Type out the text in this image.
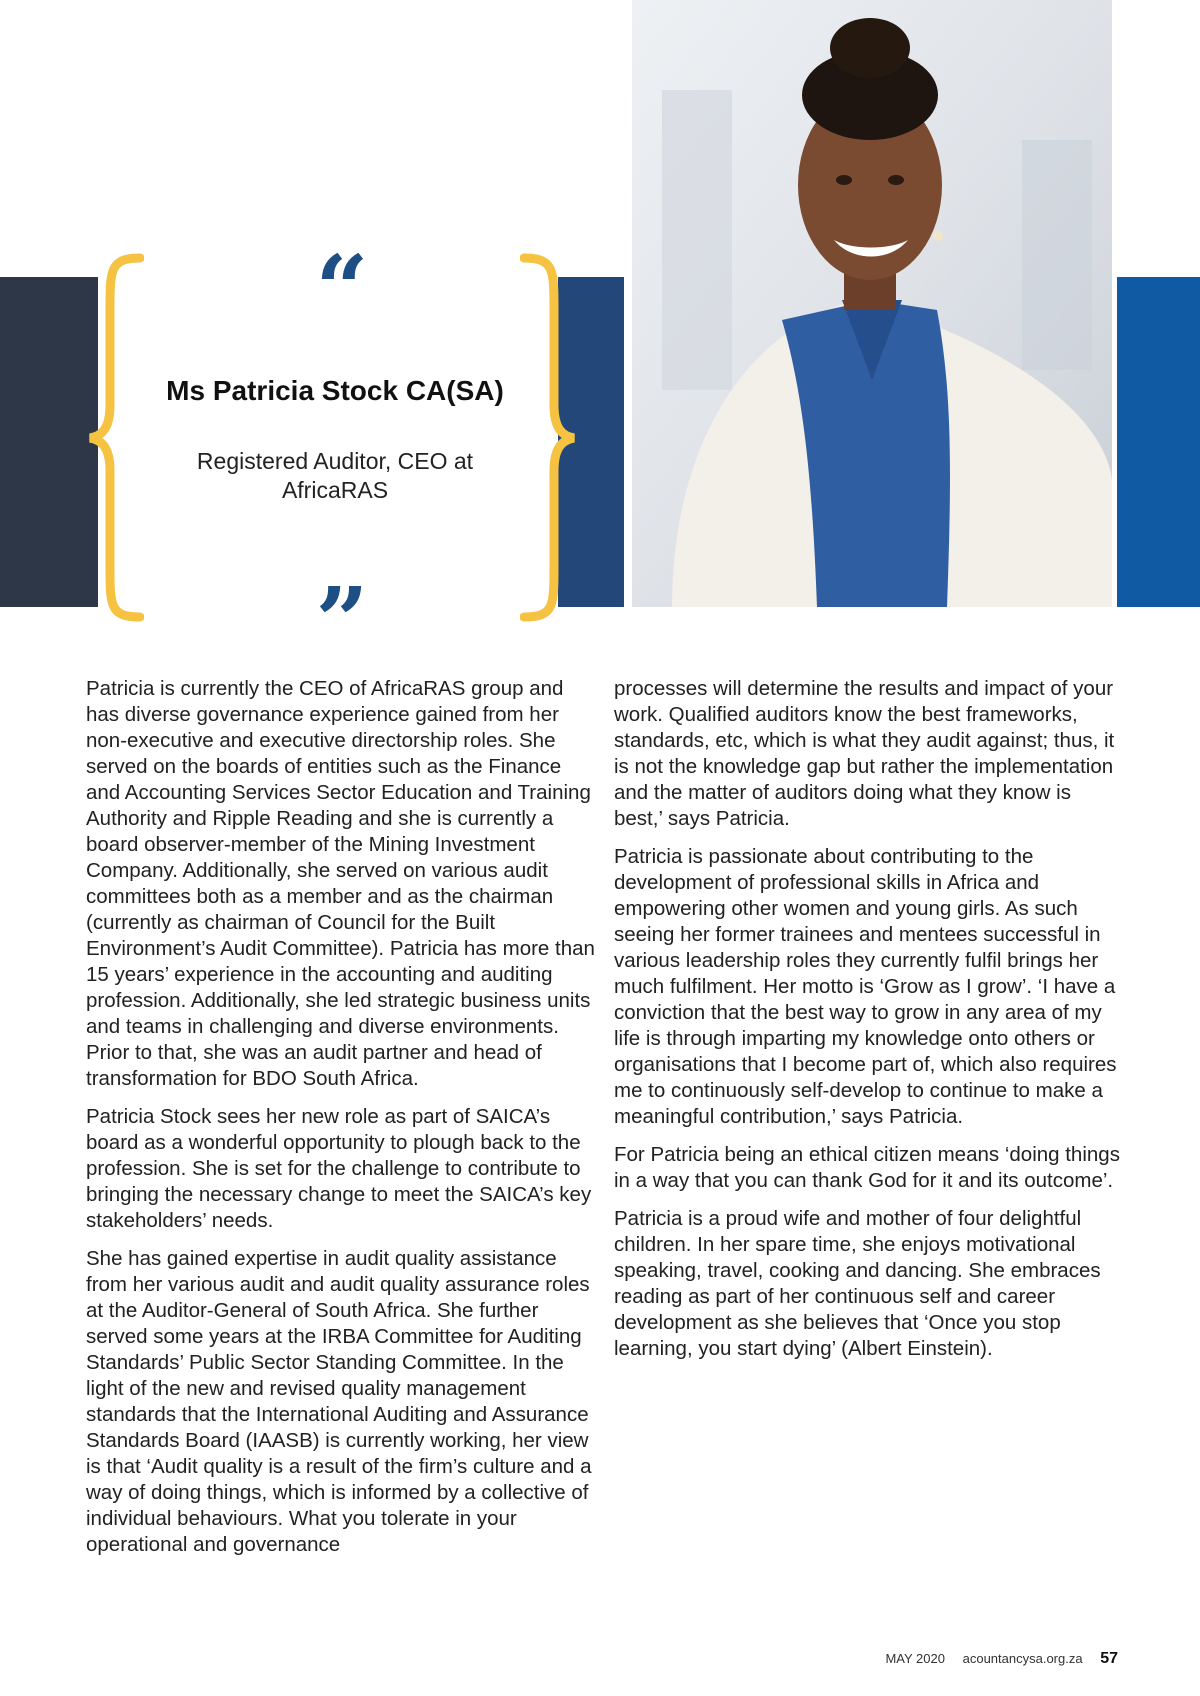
“
Ms Patricia Stock CA(SA)
Registered Auditor, CEO at AfricaRAS
”

Patricia is currently the CEO of AfricaRAS group and has diverse governance experience gained from her non-executive and executive directorship roles. She served on the boards of entities such as the Finance and Accounting Services Sector Education and Training Authority and Ripple Reading and she is currently a board observer-member of the Mining Investment Company. Additionally, she served on various audit committees both as a member and as the chairman (currently as chairman of Council for the Built Environment’s Audit Committee). Patricia has more than 15 years’ experience in the accounting and auditing profession. Additionally, she led strategic business units and teams in challenging and diverse environments. Prior to that, she was an audit partner and head of transformation for BDO South Africa.

Patricia Stock sees her new role as part of SAICA’s board as a wonderful opportunity to plough back to the profession. She is set for the challenge to contribute to bringing the necessary change to meet the SAICA’s key stakeholders’ needs.

She has gained expertise in audit quality assistance from her various audit and audit quality assurance roles at the Auditor-General of South Africa. She further served some years at the IRBA Committee for Auditing Standards’ Public Sector Standing Committee. In the light of the new and revised quality management standards that the International Auditing and Assurance Standards Board (IAASB) is currently working, her view is that ‘Audit quality is a result of the firm’s culture and a way of doing things, which is informed by a collective of individual behaviours. What you tolerate in your operational and governance

processes will determine the results and impact of your work. Qualified auditors know the best frameworks, standards, etc, which is what they audit against; thus, it is not the knowledge gap but rather the implementation and the matter of auditors doing what they know is best,’ says Patricia.

Patricia is passionate about contributing to the development of professional skills in Africa and empowering other women and young girls. As such seeing her former trainees and mentees successful in various leadership roles they currently fulfil brings her much fulfilment. Her motto is ‘Grow as I grow’. ‘I have a conviction that the best way to grow in any area of my life is through imparting my knowledge onto others or organisations that I become part of, which also requires me to continuously self-develop to continue to make a meaningful contribution,’ says Patricia.

For Patricia being an ethical citizen means ‘doing things in a way that you can thank God for it and its outcome’.

Patricia is a proud wife and mother of four delightful children. In her spare time, she enjoys motivational speaking, travel, cooking and dancing. She embraces reading as part of her continuous self and career development as she believes that ‘Once you stop learning, you start dying’ (Albert Einstein).

MAY 2020 acountancysa.org.za 57
